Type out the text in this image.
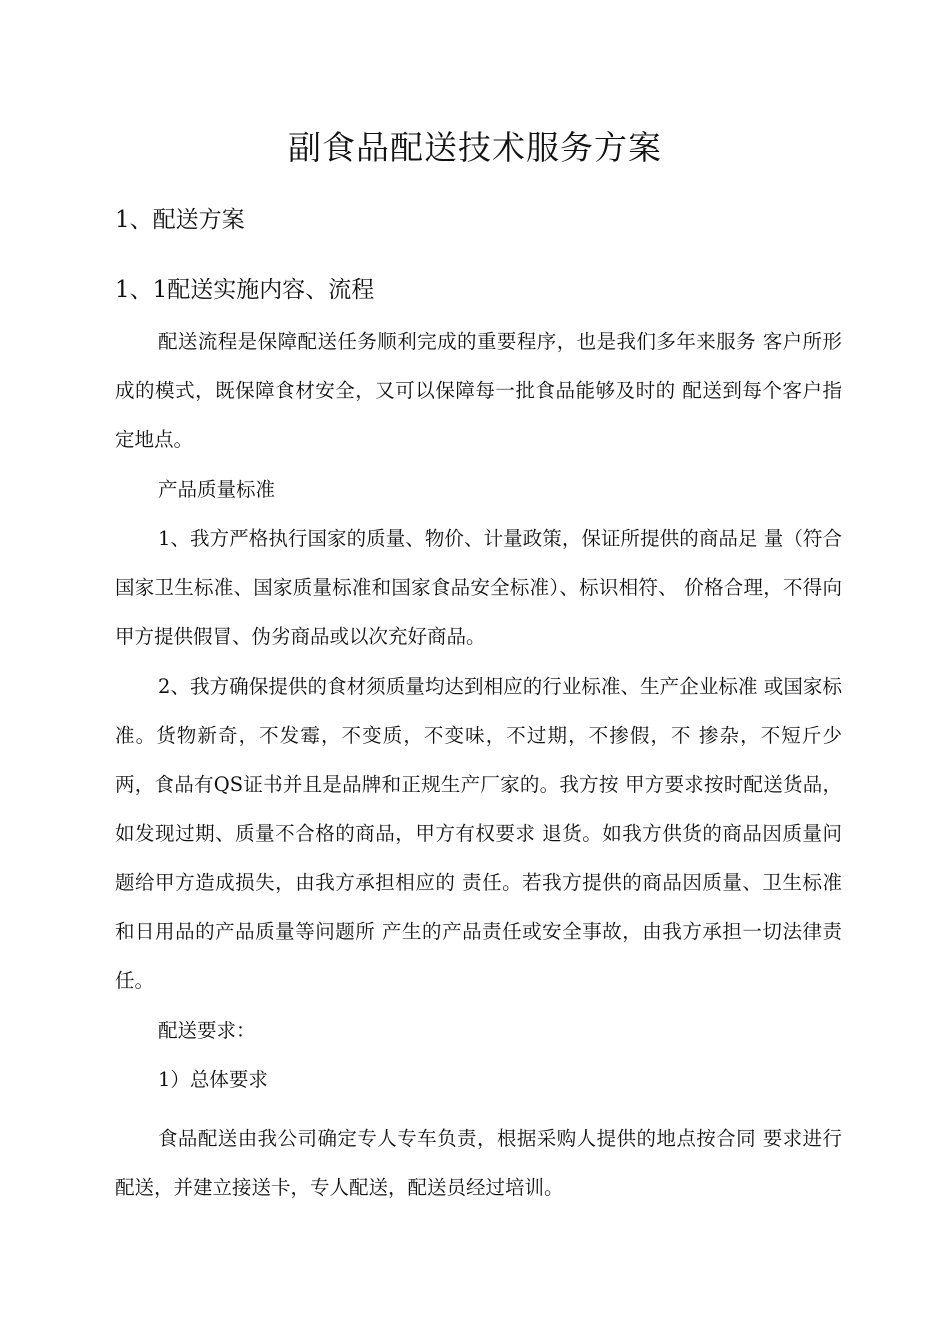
副食品配送技术服务方案
1、配送方案
1、1配送实施内容、流程

配送流程是保障配送任务顺利完成的重要程序，也是我们多年来服务 客户所形成的模式，既保障食材安全，又可以保障每一批食品能够及时的 配送到每个客户指定地点。

产品质量标准

1、我方严格执行国家的质量、物价、计量政策，保证所提供的商品足 量（符合国家卫生标准、国家质量标准和国家食品安全标准）、标识相符、 价格合理，不得向甲方提供假冒、伪劣商品或以次充好商品。

2、我方确保提供的食材须质量均达到相应的行业标准、生产企业标准 或国家标准。货物新奇，不发霉，不变质，不变味，不过期，不掺假，不 掺杂，不短斤少两，食品有QS证书并且是品牌和正规生产厂家的。我方按 甲方要求按时配送货品，如发现过期、质量不合格的商品，甲方有权要求 退货。如我方供货的商品因质量问题给甲方造成损失，由我方承担相应的 责任。若我方提供的商品因质量、卫生标准和日用品的产品质量等问题所 产生的产品责任或安全事故，由我方承担一切法律责任。

配送要求：

1）总体要求

食品配送由我公司确定专人专车负责，根据采购人提供的地点按合同 要求进行配送，并建立接送卡，专人配送，配送员经过培训。
